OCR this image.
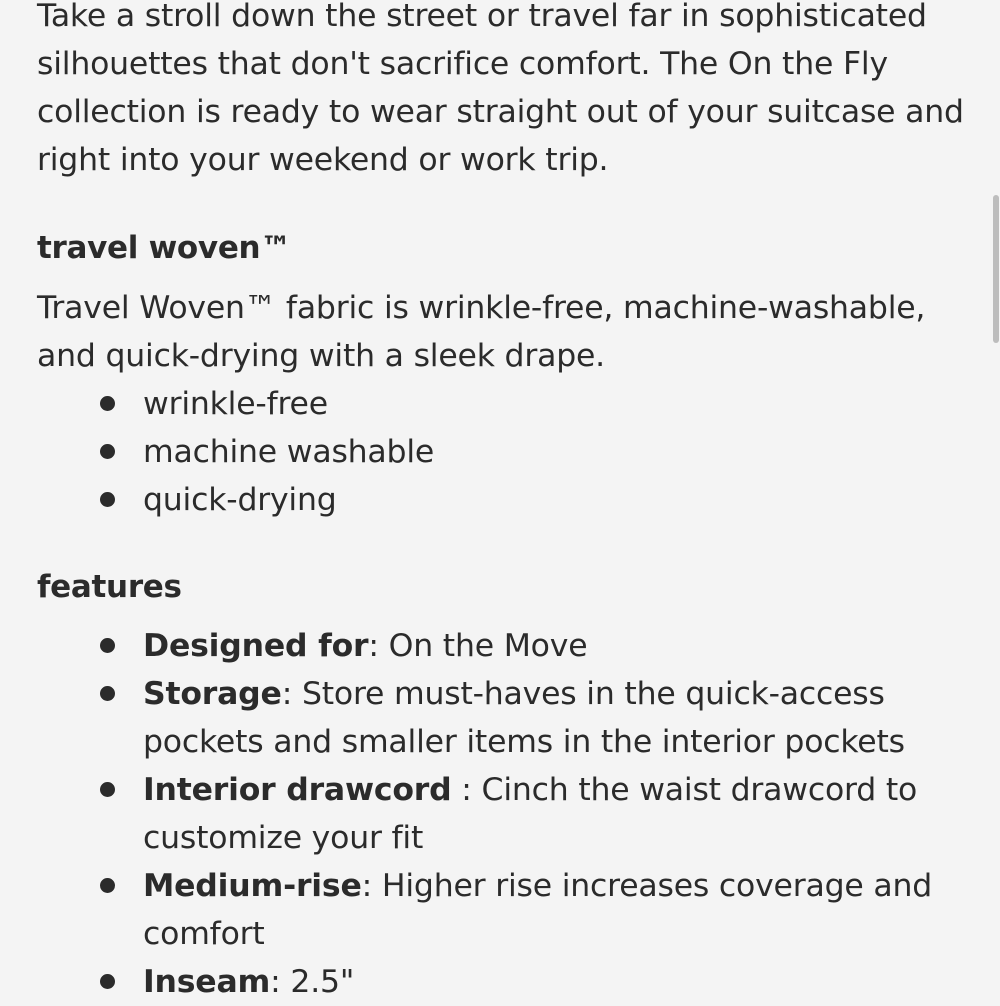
Take a stroll down the street or travel far in sophisticated silhouettes that don't sacrifice comfort. The On the Fly collection is ready to wear straight out of your suitcase and right into your weekend or work trip.

travel woven™

Travel Woven™ fabric is wrinkle-free, machine-washable, and quick-drying with a sleek drape.

wrinkle-free
machine washable
quick-drying
features
Designed for: On the Move
Storage: Store must-haves in the quick-access pockets and smaller items in the interior pockets
Interior drawcord : Cinch the waist drawcord to customize your fit
Medium-rise: Higher rise increases coverage and comfort
Inseam: 2.5"
